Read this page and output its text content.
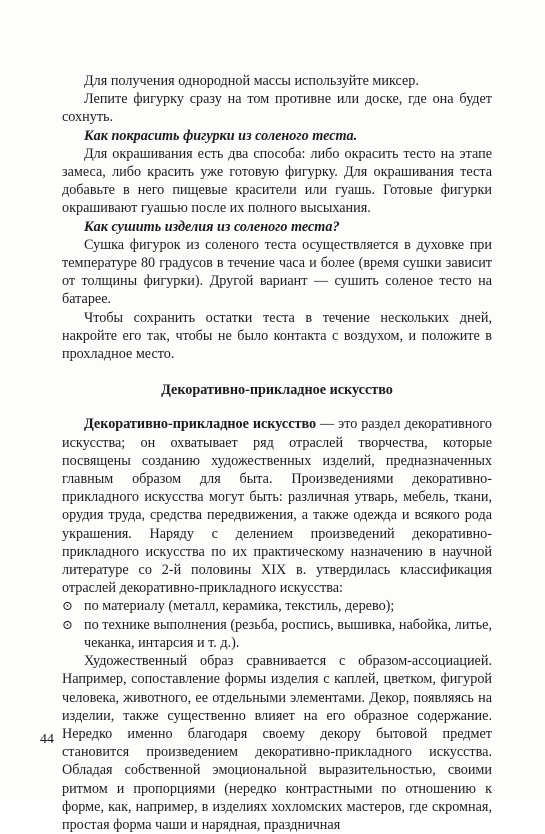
Для получения однородной массы используйте миксер.

Лепите фигурку сразу на том противне или доске, где она будет сохнуть.

Как покрасить фигурки из соленого теста.

Для окрашивания есть два способа: либо окрасить тесто на этапе замеса, либо красить уже готовую фигурку. Для окрашивания теста добавьте в него пищевые красители или гуашь. Готовые фигурки окрашивают гуашью после их полного высыхания.

Как сушить изделия из соленого теста?

Сушка фигурок из соленого теста осуществляется в духовке при температуре 80 градусов в течение часа и более (время сушки зависит от толщины фигурки). Другой вариант — сушить соленое тесто на батарее.

Чтобы сохранить остатки теста в течение нескольких дней, накройте его так, чтобы не было контакта с воздухом, и положите в прохладное место.

Декоративно-прикладное искусство

Декоративно-прикладное искусство — это раздел декоративного искусства; он охватывает ряд отраслей творчества, которые посвящены созданию художественных изделий, предназначенных главным образом для быта. Произведениями декоративно-прикладного искусства могут быть: различная утварь, мебель, ткани, орудия труда, средства передвижения, а также одежда и всякого рода украшения. Наряду с делением произведений декоративно-прикладного искусства по их практическому назначению в научной литературе со 2-й половины XIX в. утвердилась классификация отраслей декоративно-прикладного искусства:

⊙ по материалу (металл, керамика, текстиль, дерево);
⊙ по технике выполнения (резьба, роспись, вышивка, набойка, литье, чеканка, интарсия и т. д.).

Художественный образ сравнивается с образом-ассоциацией. Например, сопоставление формы изделия с каплей, цветком, фигурой человека, животного, ее отдельными элементами. Декор, появляясь на изделии, также существенно влияет на его образное содержание. Нередко именно благодаря своему декору бытовой предмет становится произведением декоративно-прикладного искусства. Обладая собственной эмоциональной выразительностью, своими ритмом и пропорциями (нередко контрастными по отношению к форме, как, например, в изделиях хохломских мастеров, где скромная, простая форма чаши и нарядная, праздничная

44
